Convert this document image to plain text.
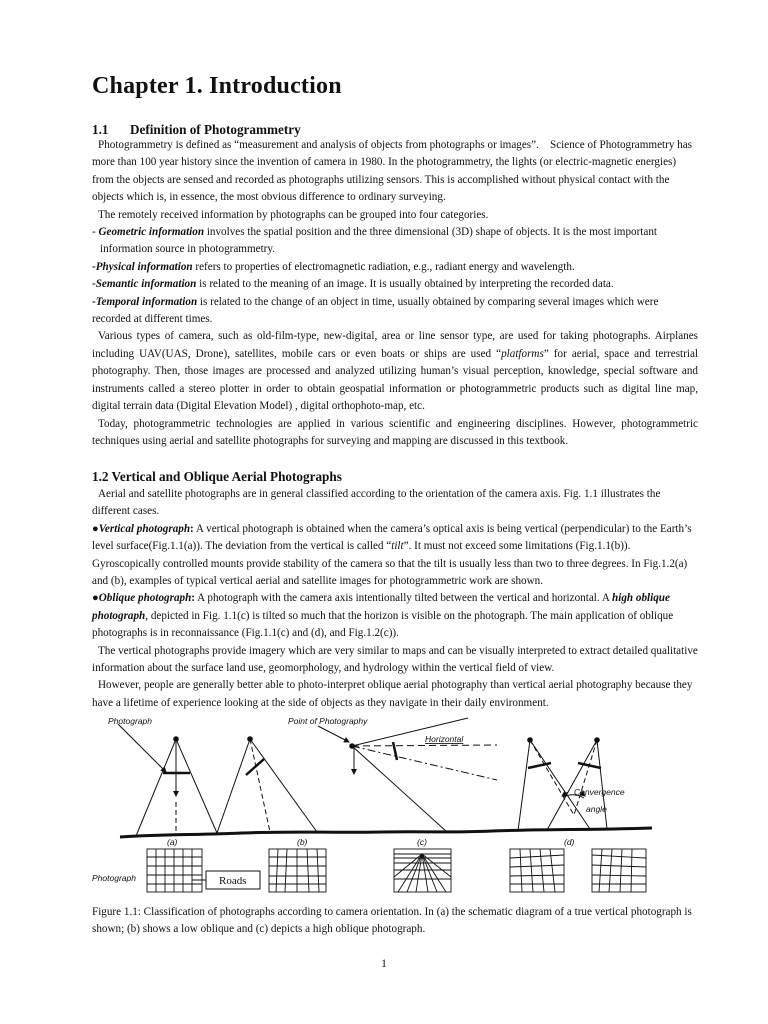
Chapter 1. Introduction
1.1 Definition of Photogrammetry

Photogrammetry is defined as “measurement and analysis of objects from photographs or images”. Science of Photogrammetry has more than 100 year history since the invention of camera in 1980. In the photogrammetry, the lights (or electric-magnetic energies) from the objects are sensed and recorded as photographs utilizing sensors. This is accomplished without physical contact with the objects which is, in essence, the most obvious difference to ordinary surveying.

The remotely received information by photographs can be grouped into four categories.

- Geometric information involves the spatial position and the three dimensional (3D) shape of objects. It is the most important information source in photogrammetry.

-Physical information refers to properties of electromagnetic radiation, e.g., radiant energy and wavelength.

-Semantic information is related to the meaning of an image. It is usually obtained by interpreting the recorded data.

-Temporal information is related to the change of an object in time, usually obtained by comparing several images which were recorded at different times.

Various types of camera, such as old-film-type, new-digital, area or line sensor type, are used for taking photographs. Airplanes including UAV(UAS, Drone), satellites, mobile cars or even boats or ships are used “platforms” for aerial, space and terrestrial photography. Then, those images are processed and analyzed utilizing human’s visual perception, knowledge, special software and instruments called a stereo plotter in order to obtain geospatial information or photogrammetric products such as digital line map, digital terrain data (Digital Elevation Model) , digital orthophoto-map, etc.

Today, photogrammetric technologies are applied in various scientific and engineering disciplines. However, photogrammetric techniques using aerial and satellite photographs for surveying and mapping are discussed in this textbook.

1.2 Vertical and Oblique Aerial Photographs

Aerial and satellite photographs are in general classified according to the orientation of the camera axis. Fig. 1.1 illustrates the different cases.

●Vertical photograph: A vertical photograph is obtained when the camera’s optical axis is being vertical (perpendicular) to the Earth’s level surface(Fig.1.1(a)). The deviation from the vertical is called “tilt”. It must not exceed some limitations (Fig.1.1(b)). Gyroscopically controlled mounts provide stability of the camera so that the tilt is usually less than two to three degrees. In Fig.1.2(a) and (b), examples of typical vertical aerial and satellite images for photogrammetric work are shown.

●Oblique photograph: A photograph with the camera axis intentionally tilted between the vertical and horizontal. A high oblique photograph, depicted in Fig. 1.1(c) is tilted so much that the horizon is visible on the photograph. The main application of oblique photographs is in reconnaissance (Fig.1.1(c) and (d), and Fig.1.2(c)).

The vertical photographs provide imagery which are very similar to maps and can be visually interpreted to extract detailed qualitative information about the surface land use, geomorphology, and hydrology within the vertical field of view.

However, people are generally better able to photo-interpret oblique aerial photography than vertical aerial photography because they have a lifetime of experience looking at the side of objects as they navigate in their daily environment.

Photograph	Point of Photography
Horizontal
Convergence
angle
(a)	(b)	(c)	(d)
Photograph	Roads
Figure 1.1: Classification of photographs according to camera orientation. In (a) the schematic diagram of a true vertical photograph is shown; (b) shows a low oblique and (c) depicts a high oblique photograph.
1
